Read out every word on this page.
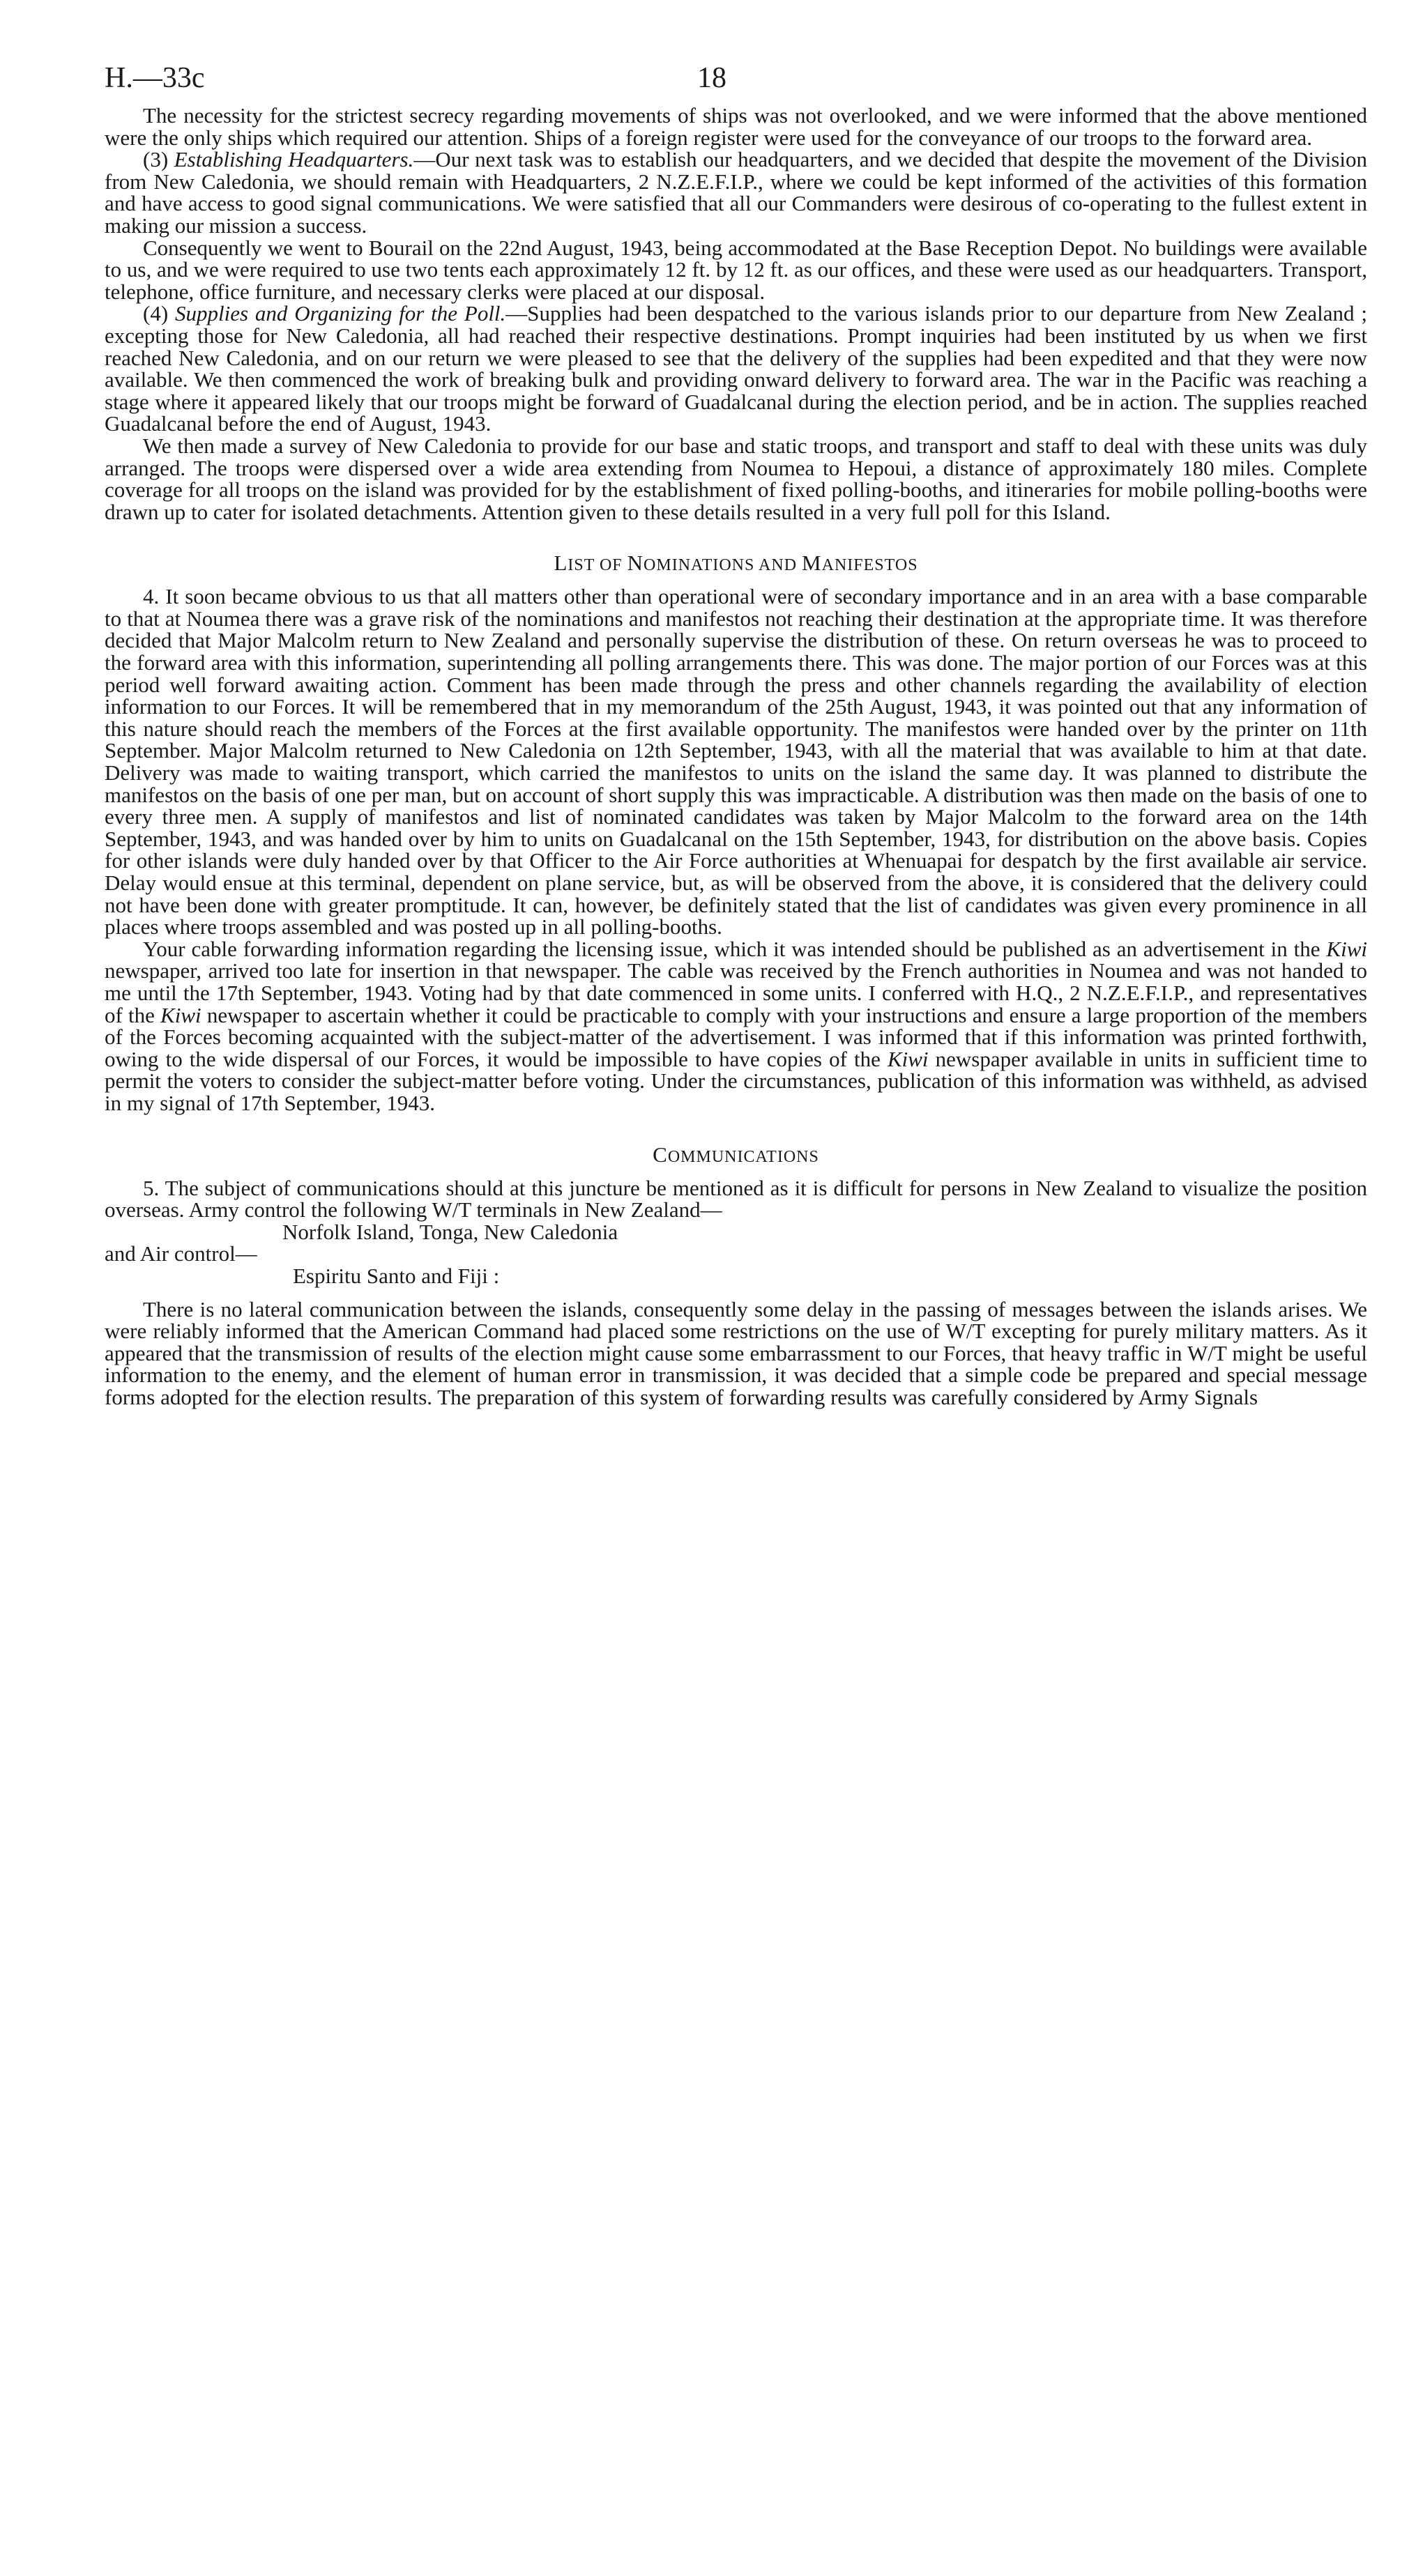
H.—33c	18

The necessity for the strictest secrecy regarding movements of ships was not overlooked, and we were informed that the above mentioned were the only ships which required our attention. Ships of a foreign register were used for the conveyance of our troops to the forward area.

(3) Establishing Headquarters.—Our next task was to establish our headquarters, and we decided that despite the movement of the Division from New Caledonia, we should remain with Headquarters, 2 N.Z.E.F.I.P., where we could be kept informed of the activities of this formation and have access to good signal communications. We were satisfied that all our Commanders were desirous of co-operating to the fullest extent in making our mission a success.

Consequently we went to Bourail on the 22nd August, 1943, being accommodated at the Base Reception Depot. No buildings were available to us, and we were required to use two tents each approximately 12 ft. by 12 ft. as our offices, and these were used as our headquarters. Transport, telephone, office furniture, and necessary clerks were placed at our disposal.

(4) Supplies and Organizing for the Poll.—Supplies had been despatched to the various islands prior to our departure from New Zealand ; excepting those for New Caledonia, all had reached their respective destinations. Prompt inquiries had been instituted by us when we first reached New Caledonia, and on our return we were pleased to see that the delivery of the supplies had been expedited and that they were now available. We then commenced the work of breaking bulk and providing onward delivery to forward area. The war in the Pacific was reaching a stage where it appeared likely that our troops might be forward of Guadalcanal during the election period, and be in action. The supplies reached Guadalcanal before the end of August, 1943.

We then made a survey of New Caledonia to provide for our base and static troops, and transport and staff to deal with these units was duly arranged. The troops were dispersed over a wide area extending from Noumea to Hepoui, a distance of approximately 180 miles. Complete coverage for all troops on the island was provided for by the establishment of fixed polling-booths, and itineraries for mobile polling-booths were drawn up to cater for isolated detachments. Attention given to these details resulted in a very full poll for this Island.

LIST OF NOMINATIONS AND MANIFESTOS

4. It soon became obvious to us that all matters other than operational were of secondary importance and in an area with a base comparable to that at Noumea there was a grave risk of the nominations and manifestos not reaching their destination at the appropriate time. It was therefore decided that Major Malcolm return to New Zealand and personally supervise the distribution of these. On return overseas he was to proceed to the forward area with this information, superintending all polling arrangements there. This was done. The major portion of our Forces was at this period well forward awaiting action. Comment has been made through the press and other channels regarding the availability of election information to our Forces. It will be remembered that in my memorandum of the 25th August, 1943, it was pointed out that any information of this nature should reach the members of the Forces at the first available opportunity. The manifestos were handed over by the printer on 11th September. Major Malcolm returned to New Caledonia on 12th September, 1943, with all the material that was available to him at that date. Delivery was made to waiting transport, which carried the manifestos to units on the island the same day. It was planned to distribute the manifestos on the basis of one per man, but on account of short supply this was impracticable. A distribution was then made on the basis of one to every three men. A supply of manifestos and list of nominated candidates was taken by Major Malcolm to the forward area on the 14th September, 1943, and was handed over by him to units on Guadalcanal on the 15th September, 1943, for distribution on the above basis. Copies for other islands were duly handed over by that Officer to the Air Force authorities at Whenuapai for despatch by the first available air service. Delay would ensue at this terminal, dependent on plane service, but, as will be observed from the above, it is considered that the delivery could not have been done with greater promptitude. It can, however, be definitely stated that the list of candidates was given every prominence in all places where troops assembled and was posted up in all polling-booths.

Your cable forwarding information regarding the licensing issue, which it was intended should be published as an advertisement in the Kiwi newspaper, arrived too late for insertion in that newspaper. The cable was received by the French authorities in Noumea and was not handed to me until the 17th September, 1943. Voting had by that date commenced in some units. I conferred with H.Q., 2 N.Z.E.F.I.P., and representatives of the Kiwi newspaper to ascertain whether it could be practicable to comply with your instructions and ensure a large proportion of the members of the Forces becoming acquainted with the subject-matter of the advertisement. I was informed that if this information was printed forthwith, owing to the wide dispersal of our Forces, it would be impossible to have copies of the Kiwi newspaper available in units in sufficient time to permit the voters to consider the subject-matter before voting. Under the circumstances, publication of this information was withheld, as advised in my signal of 17th September, 1943.

COMMUNICATIONS

5. The subject of communications should at this juncture be mentioned as it is difficult for persons in New Zealand to visualize the position overseas. Army control the following W/T terminals in New Zealand—

Norfolk Island, Tonga, New Caledonia

and Air control—

Espiritu Santo and Fiji :

There is no lateral communication between the islands, consequently some delay in the passing of messages between the islands arises. We were reliably informed that the American Command had placed some restrictions on the use of W/T excepting for purely military matters. As it appeared that the transmission of results of the election might cause some embarrassment to our Forces, that heavy traffic in W/T might be useful information to the enemy, and the element of human error in transmission, it was decided that a simple code be prepared and special message forms adopted for the election results. The preparation of this system of forwarding results was carefully considered by Army Signals
